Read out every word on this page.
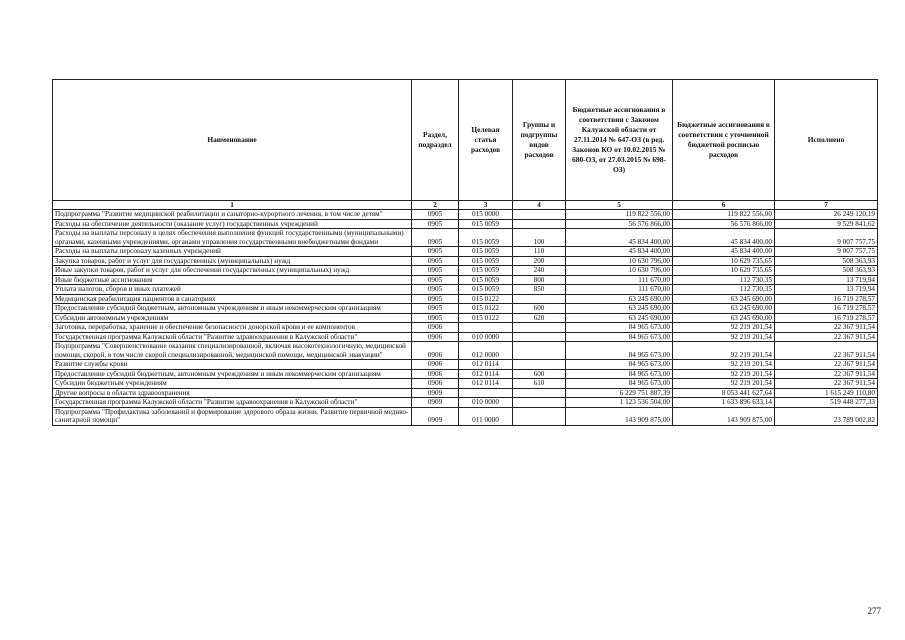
Наименование	Раздел, подраздел	Целевая статья расходов	Группы и подгруппы видов расходов	Бюджетные ассигнования в соответствии с Законом Калужской области от 27.11.2014 № 647-ОЗ (в ред. Законов КО от 10.02.2015 № 680-ОЗ, от 27.03.2015 № 698-ОЗ)	Бюджетные ассигнования в соответствии с уточненной бюджетной росписью расходов	Исполнено
1	2	3	4	5	6	7
Подпрограмма "Развитие медицинской реабилитации и санаторно-курортного лечения, в том числе детям"	0905	015 0000		119 822 556,00	119 822 556,00	26 249 120,19
Расходы на обеспечение деятельности (оказание услуг) государственных учреждений	0905	015 0059		56 576 866,00	56 576 866,00	9 529 841,62
Расходы на выплаты персоналу в целях обеспечения выполнения функций государственными (муниципальными) органами, казенными учреждениями, органами управления государственными внебюджетными фондами	0905	015 0059	100	45 834 400,00	45 834 400,00	9 007 757,75
Расходы на выплаты персоналу казенных учреждений	0905	015 0059	110	45 834 400,00	45 834 400,00	9 007 757,75
Закупка товаров, работ и услуг для государственных (муниципальных) нужд	0905	015 0059	200	10 630 796,00	10 629 735,65	508 363,93
Иные закупки товаров, работ и услуг для обеспечения государственных (муниципальных) нужд	0905	015 0059	240	10 630 796,00	10 629 735,65	508 363,93
Иные бюджетные ассигнования	0905	015 0059	800	111 670,00	112 730,35	13 719,94
Уплата налогов, сборов и иных платежей	0905	015 0059	850	111 670,00	112 730,35	13 719,94
Медицинская реабилитация пациентов в санаториях	0905	015 0122		63 245 690,00	63 245 690,00	16 719 278,57
Предоставление субсидий бюджетным, автономным учреждениям и иным некоммерческим организациям	0905	015 0122	600	63 245 690,00	63 245 690,00	16 719 278,57
Субсидии автономным учреждениям	0905	015 0122	620	63 245 690,00	63 245 690,00	16 719 278,57
Заготовка, переработка, хранение и обеспечение безопасности донорской крови и ее компонентов	0906			84 965 673,00	92 219 201,54	22 367 911,54
Государственная программа Калужской области "Развитие здравоохранения в Калужской области"	0906	010 0000		84 965 673,00	92 219 201,54	22 367 911,54
Подпрограмма "Совершенствование оказания специализированной, включая высокотехнологичную, медицинской помощи, скорой, в том числе скорой специализированной, медицинской помощи, медицинской эвакуации"	0906	012 0000		84 965 673,00	92 219 201,54	22 367 911,54
Развитие службы крови	0906	012 0114		84 965 673,00	92 219 201,54	22 367 911,54
Предоставление субсидий бюджетным, автономным учреждениям и иным некоммерческим организациям	0906	012 0114	600	84 965 673,00	92 219 201,54	22 367 911,54
Субсидии бюджетным учреждениям	0906	012 0114	610	84 965 673,00	92 219 201,54	22 367 911,54
Другие вопросы в области здравоохранения	0909			6 229 751 887,39	8 053 441 627,64	1 615 249 110,80
Государственная программа Калужской области "Развитие здравоохранения в Калужской области"	0909	010 0000		1 123 536 504,00	1 633 896 633,14	519 448 277,33
Подпрограмма "Профилактика заболеваний и формирование здорового образа жизни. Развитие первичной медико-санитарной помощи"	0909	011 0000		143 909 875,00	143 909 875,00	23 789 002,82
277
